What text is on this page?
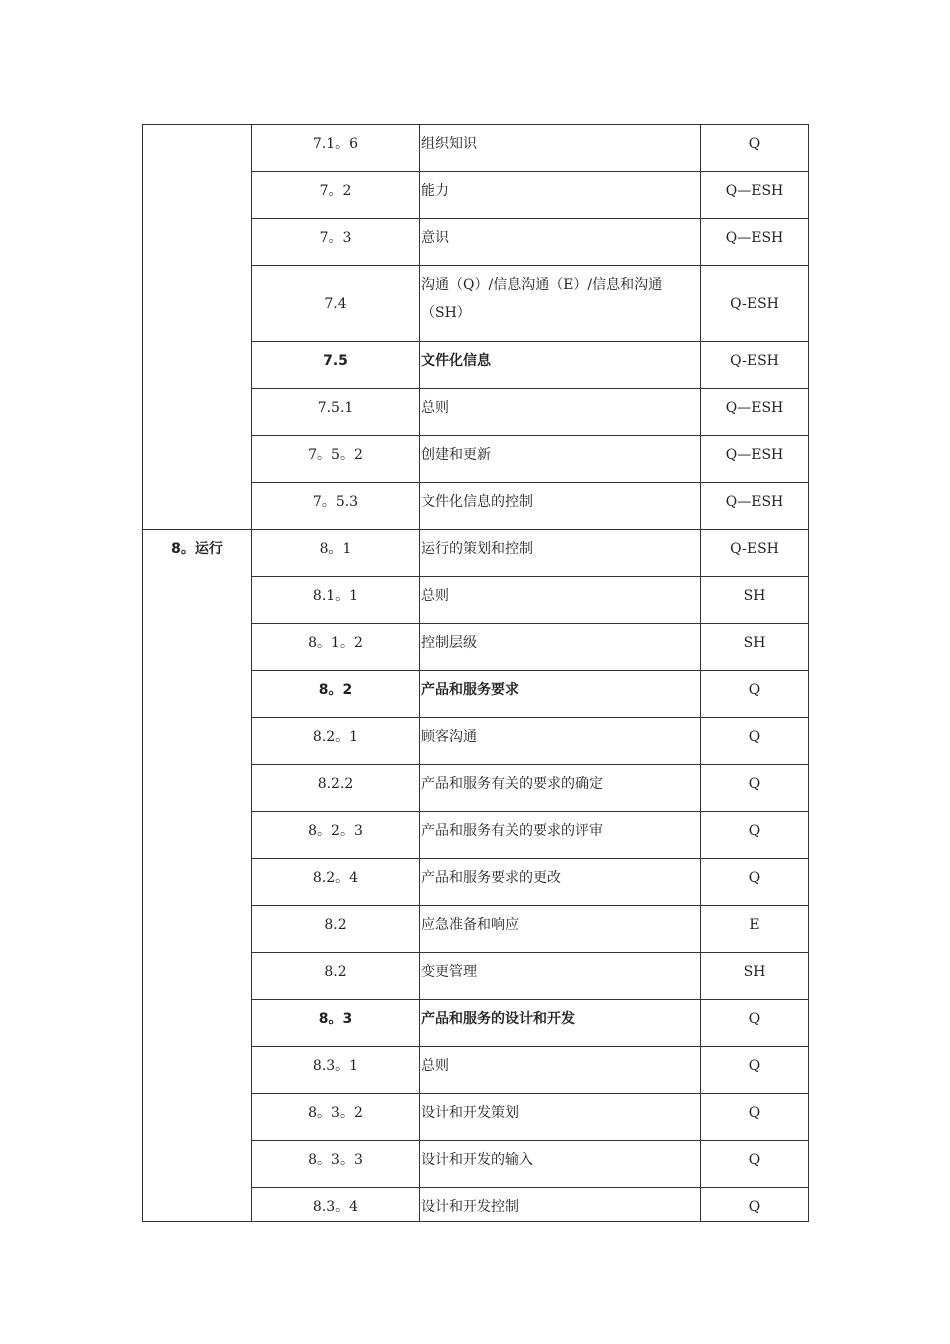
	7.1。6	组织知识	Q
	7。2	能力	Q—ESH
	7。3	意识	Q—ESH
	7.4	沟通（Q）/信息沟通（E）/信息和沟通（SH）	Q-ESH
	7.5	文件化信息	Q-ESH
	7.5.1	总则	Q—ESH
	7。5。2	创建和更新	Q—ESH
	7。5.3	文件化信息的控制	Q—ESH
8。运行	8。1	运行的策划和控制	Q-ESH
	8.1。1	总则	SH
	8。1。2	控制层级	SH
	8。2	产品和服务要求	Q
	8.2。1	顾客沟通	Q
	8.2.2	产品和服务有关的要求的确定	Q
	8。2。3	产品和服务有关的要求的评审	Q
	8.2。4	产品和服务要求的更改	Q
	8.2	应急准备和响应	E
	8.2	变更管理	SH
	8。3	产品和服务的设计和开发	Q
	8.3。1	总则	Q
	8。3。2	设计和开发策划	Q
	8。3。3	设计和开发的输入	Q
	8.3。4	设计和开发控制	Q
